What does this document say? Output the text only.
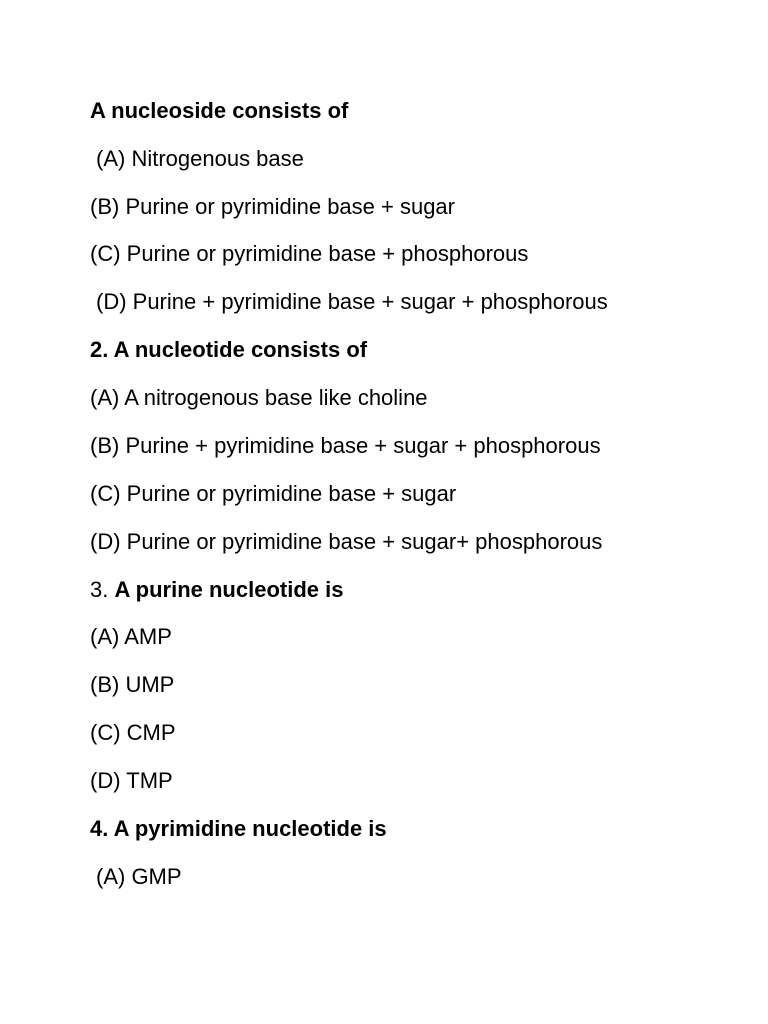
A nucleoside consists of
(A) Nitrogenous base
(B) Purine or pyrimidine base + sugar
(C) Purine or pyrimidine base + phosphorous
(D) Purine + pyrimidine base + sugar + phosphorous
2. A nucleotide consists of
(A) A nitrogenous base like choline
(B) Purine + pyrimidine base + sugar + phosphorous
(C) Purine or pyrimidine base + sugar
(D) Purine or pyrimidine base + sugar+ phosphorous
3. A purine nucleotide is
(A) AMP
(B) UMP
(C) CMP
(D) TMP
4. A pyrimidine nucleotide is
(A) GMP
